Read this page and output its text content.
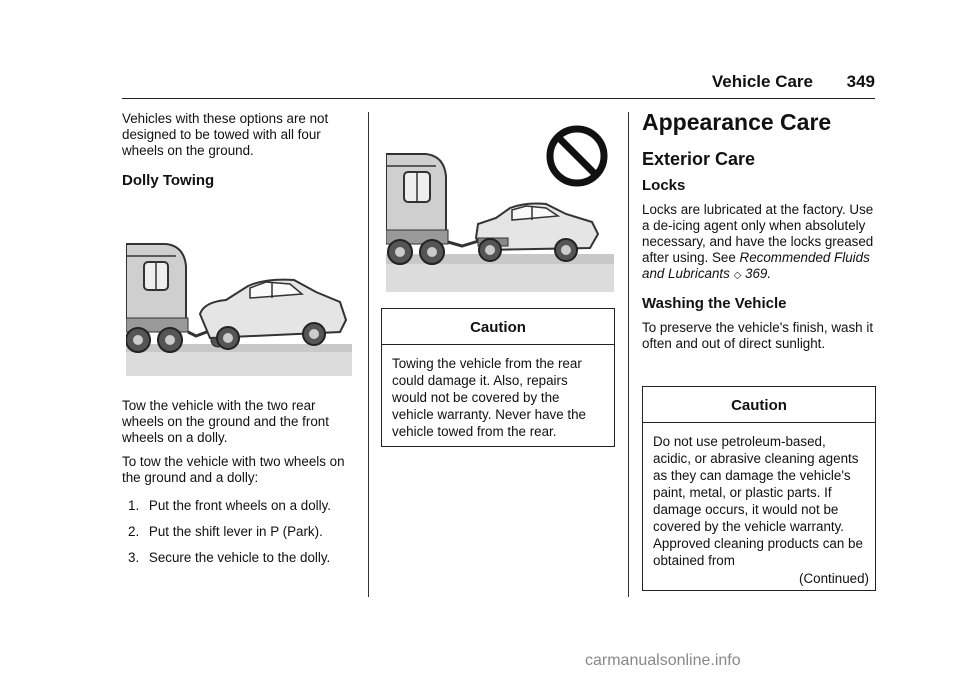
Vehicle Care 349

Vehicles with these options are not designed to be towed with all four wheels on the ground.

Dolly Towing

Tow the vehicle with the two rear wheels on the ground and the front wheels on a dolly.

To tow the vehicle with two wheels on the ground and a dolly:

1. Put the front wheels on a dolly.
2. Put the shift lever in P (Park).
3. Secure the vehicle to the dolly.
Caution
Towing the vehicle from the rear could damage it. Also, repairs would not be covered by the vehicle warranty. Never have the vehicle towed from the rear.
Appearance Care
Exterior Care
Locks

Locks are lubricated at the factory. Use a de-icing agent only when absolutely necessary, and have the locks greased after using. See Recommended Fluids and Lubricants ◇ 369.

Washing the Vehicle

To preserve the vehicle's finish, wash it often and out of direct sunlight.

Caution
Do not use petroleum-based, acidic, or abrasive cleaning agents as they can damage the vehicle's paint, metal, or plastic parts. If damage occurs, it would not be covered by the vehicle warranty. Approved cleaning products can be obtained from
(Continued)
carmanualsonline.info
